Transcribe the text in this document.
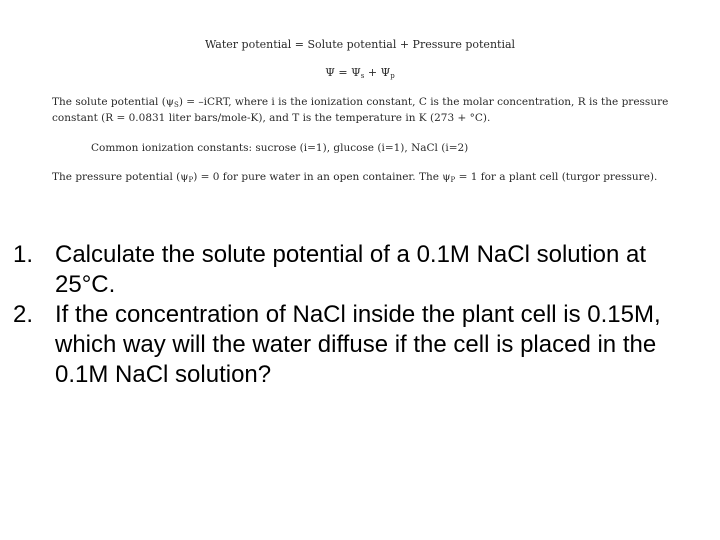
Water potential = Solute potential + Pressure potential
$\Psi = \Psi_s + \Psi_p$
The solute potential $(\psi_S)$ = –iCRT, where i is the ionization constant, C is the molar concentration, R is the pressure
constant (R = 0.0831 liter bars/mole-K), and T is the temperature in K (273 + °C).
Common ionization constants: sucrose (i=1), glucose (i=1), NaCl (i=2)
The pressure potential $(\psi_P) = 0$ for pure water in an open container. The $\psi_P = 1$ for a plant cell (turgor pressure).
1. Calculate the solute potential of a 0.1M NaCl solution at 25°C.
2. If the concentration of NaCl inside the plant cell is 0.15M, which way will the water diffuse if the cell is placed in the 0.1M NaCl solution?
